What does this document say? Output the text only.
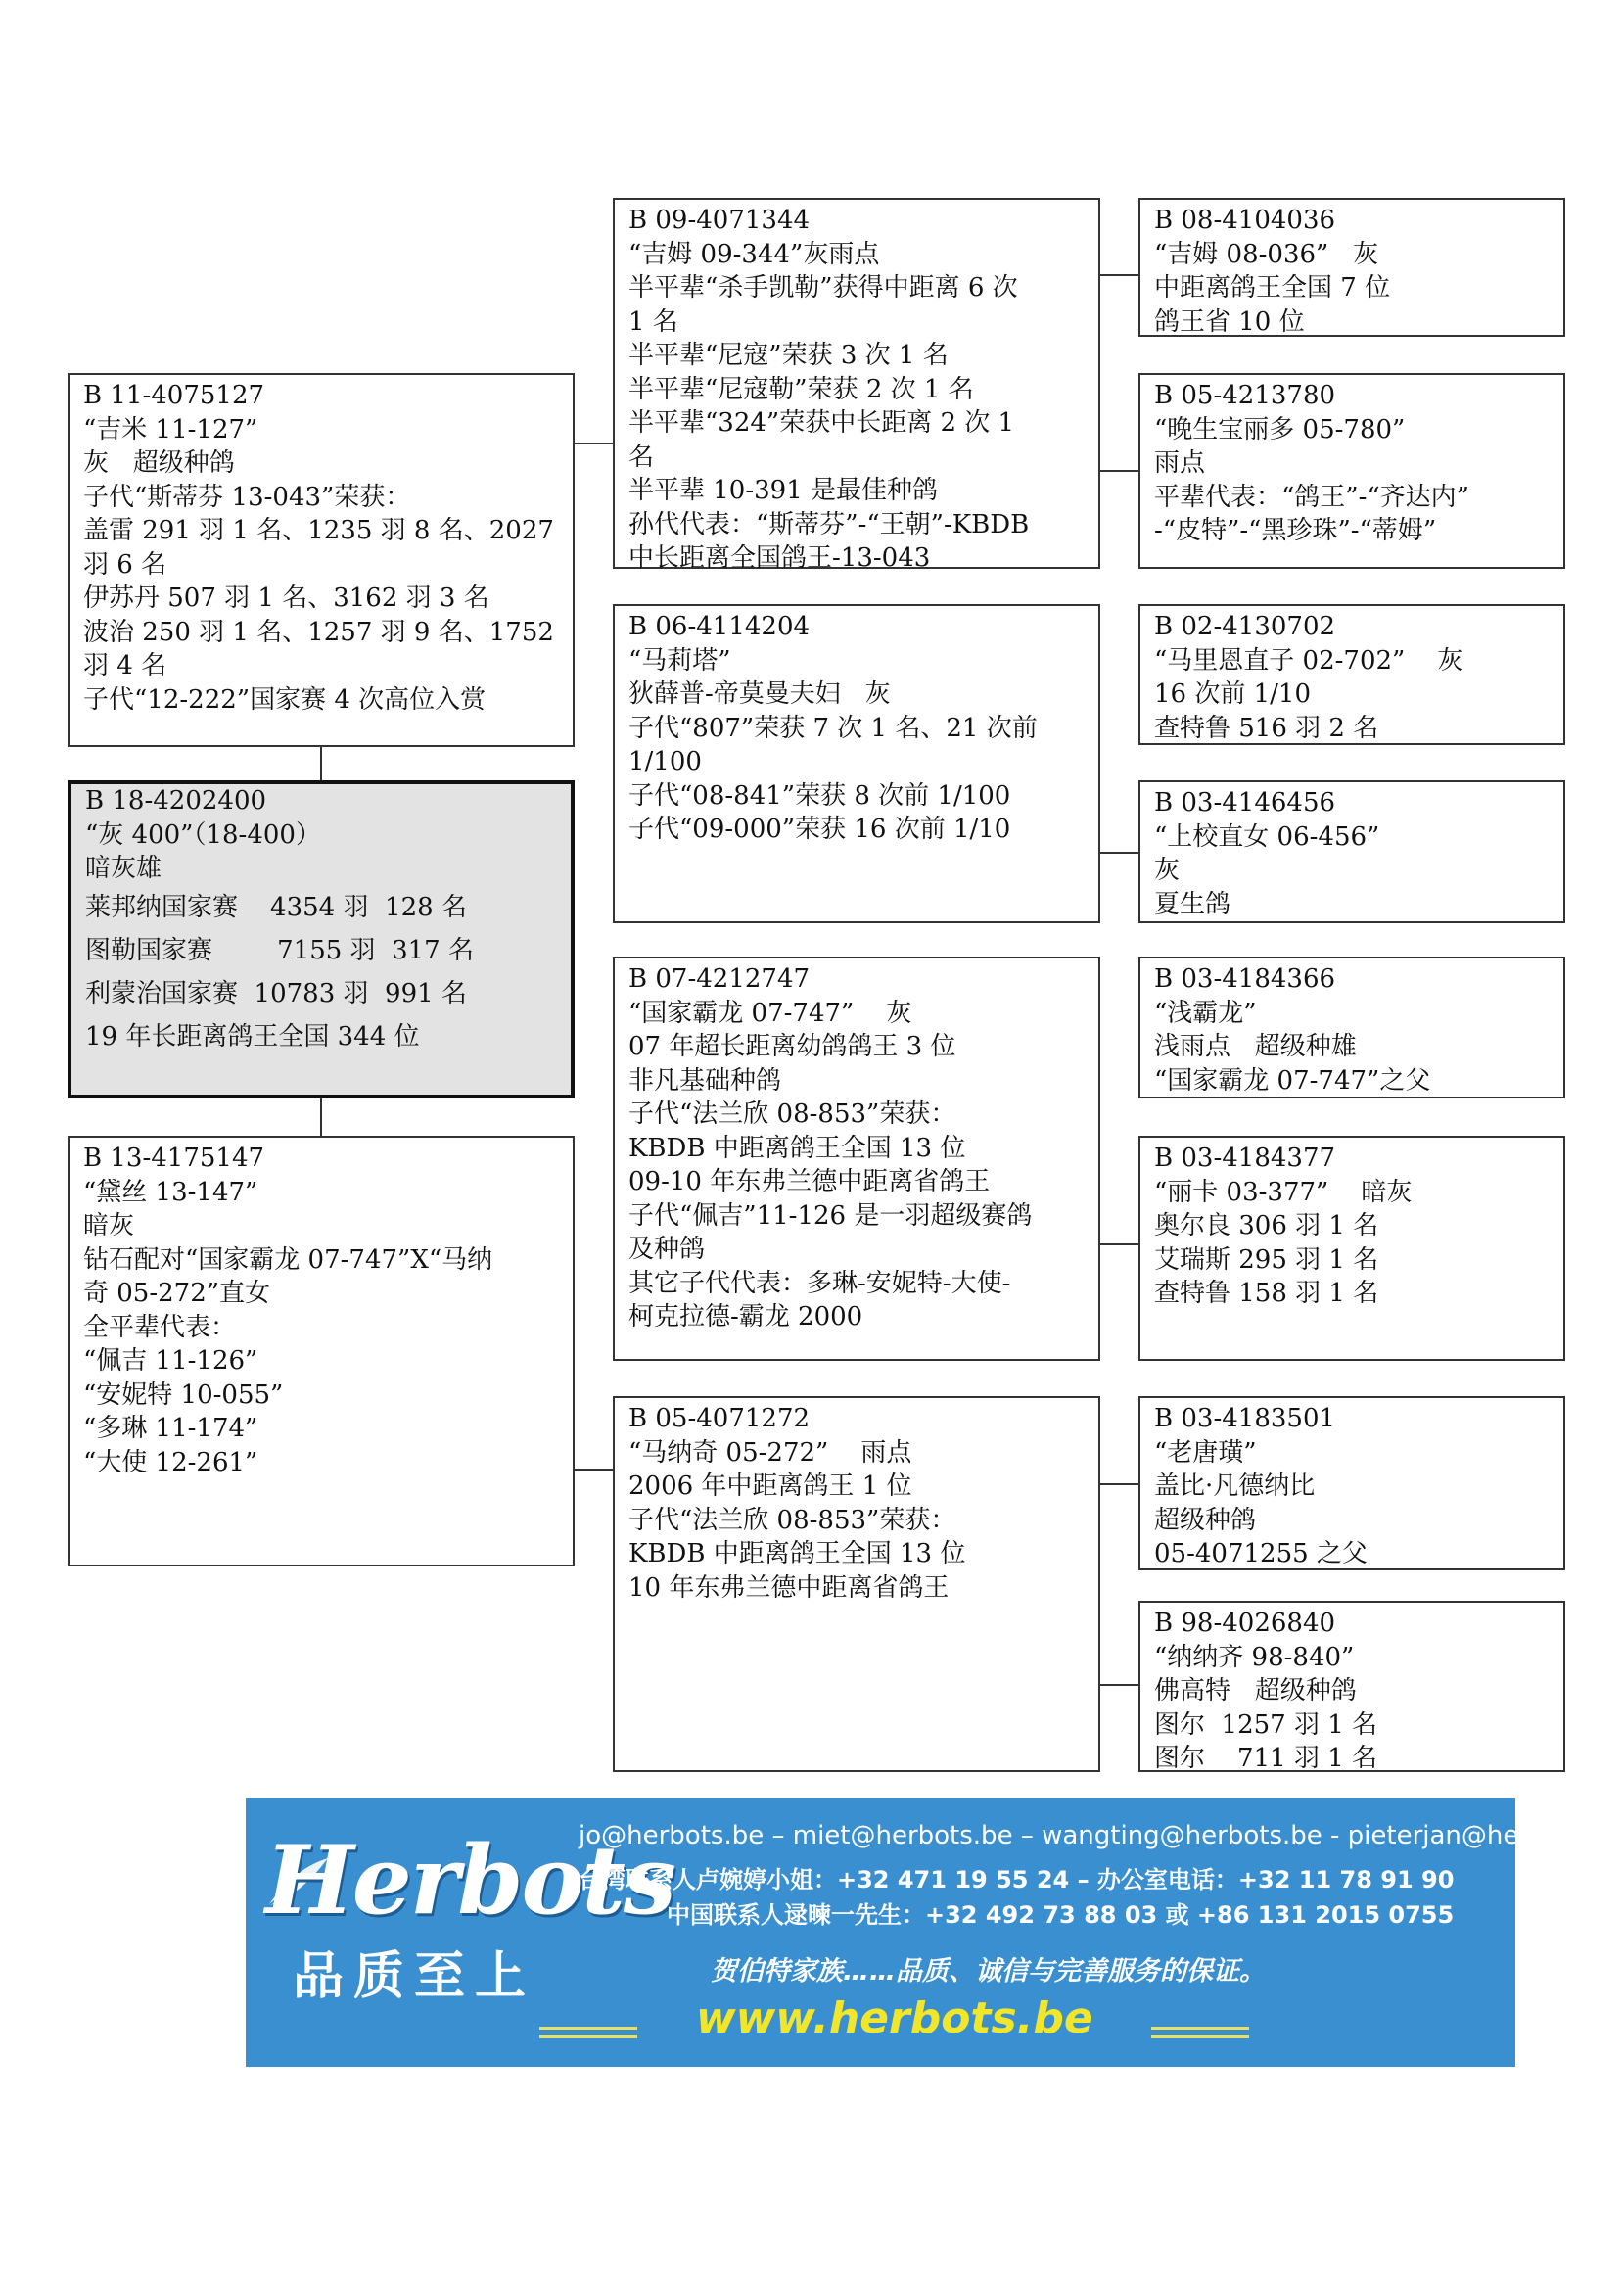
B 11-4075127
“吉米 11-127”
灰   超级种鸽
子代“斯蒂芬 13-043”荣获：
盖雷 291 羽 1 名、1235 羽 8 名、2027
羽 6 名
伊苏丹 507 羽 1 名、3162 羽 3 名
波治 250 羽 1 名、1257 羽 9 名、1752
羽 4 名
子代“12-222”国家赛 4 次高位入赏
B 18-4202400
“灰 400”（18-400）
暗灰雄
莱邦纳国家赛    4354 羽  128 名
图勒国家赛        7155 羽  317 名
利蒙治国家赛  10783 羽  991 名
19 年长距离鸽王全国 344 位
B 13-4175147
“黛丝 13-147”
暗灰
钻石配对“国家霸龙 07-747”X“马纳
奇 05-272”直女
全平辈代表：
“佩吉 11-126”
“安妮特 10-055”
“多琳 11-174”
“大使 12-261”
B 09-4071344
“吉姆 09-344”灰雨点
半平辈“杀手凯勒”获得中距离 6 次
1 名
半平辈“尼寇”荣获 3 次 1 名
半平辈“尼寇勒”荣获 2 次 1 名
半平辈“324”荣获中长距离 2 次 1
名
半平辈 10-391 是最佳种鸽
孙代代表：“斯蒂芬”-“王朝”-KBDB
中长距离全国鸽王-13-043
B 06-4114204
“马莉塔”
狄薛普-帝莫曼夫妇   灰
子代“807”荣获 7 次 1 名、21 次前
1/100
子代“08-841”荣获 8 次前 1/100
子代“09-000”荣获 16 次前 1/10
B 07-4212747
“国家霸龙 07-747”    灰
07 年超长距离幼鸽鸽王 3 位
非凡基础种鸽
子代“法兰欣 08-853”荣获：
KBDB 中距离鸽王全国 13 位
09-10 年东弗兰德中距离省鸽王
子代“佩吉”11-126 是一羽超级赛鸽
及种鸽
其它子代代表：多琳-安妮特-大使-
柯克拉德-霸龙 2000
B 05-4071272
“马纳奇 05-272”    雨点
2006 年中距离鸽王 1 位
子代“法兰欣 08-853”荣获：
KBDB 中距离鸽王全国 13 位
10 年东弗兰德中距离省鸽王
B 08-4104036
“吉姆 08-036”   灰
中距离鸽王全国 7 位
鸽王省 10 位
B 05-4213780
“晚生宝丽多 05-780”
雨点
平辈代表：“鸽王”-“齐达内”
-“皮特”-“黑珍珠”-“蒂姆”
B 02-4130702
“马里恩直子 02-702”    灰
16 次前 1/10
查特鲁 516 羽 2 名
B 03-4146456
“上校直女 06-456”
灰
夏生鸽
B 03-4184366
“浅霸龙”
浅雨点   超级种雄
“国家霸龙 07-747”之父
B 03-4184377
“丽卡 03-377”    暗灰
奥尔良 306 羽 1 名
艾瑞斯 295 羽 1 名
查特鲁 158 羽 1 名
B 03-4183501
“老唐璜”
盖比·凡德纳比
超级种鸽
05-4071255 之父
B 98-4026840
“纳纳齐 98-840”
佛高特   超级种鸽
图尔  1257 羽 1 名
图尔    711 羽 1 名
Herbots
品质至上
jo@herbots.be – miet@herbots.be – wangting@herbots.be - pieterjan@herbots.be
台湾联系人卢婉婷小姐：+32 471 19 55 24 – 办公室电话：+32 11 78 91 90
中国联系人逯暕一先生：+32 492 73 88 03 或 +86 131 2015 0755
贺伯特家族……品质、诚信与完善服务的保证。
www.herbots.be
